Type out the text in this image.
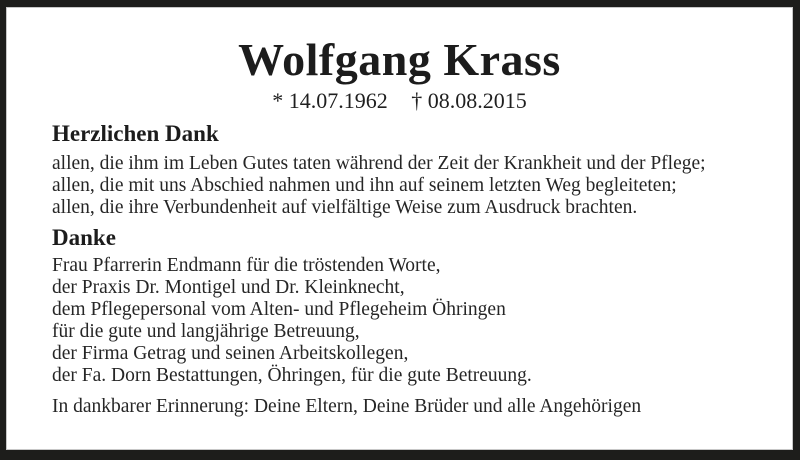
Wolfgang Krass
* 14.07.1962 † 08.08.2015
Herzlichen Dank
allen, die ihm im Leben Gutes taten während der Zeit der Krankheit und der Pflege;
allen, die mit uns Abschied nahmen und ihn auf seinem letzten Weg begleiteten;
allen, die ihre Verbundenheit auf vielfältige Weise zum Ausdruck brachten.
Danke
Frau Pfarrerin Endmann für die tröstenden Worte,
der Praxis Dr. Montigel und Dr. Kleinknecht,
dem Pflegepersonal vom Alten- und Pflegeheim Öhringen
für die gute und langjährige Betreuung,
der Firma Getrag und seinen Arbeitskollegen,
der Fa. Dorn Bestattungen, Öhringen, für die gute Betreuung.
In dankbarer Erinnerung: Deine Eltern, Deine Brüder und alle Angehörigen
